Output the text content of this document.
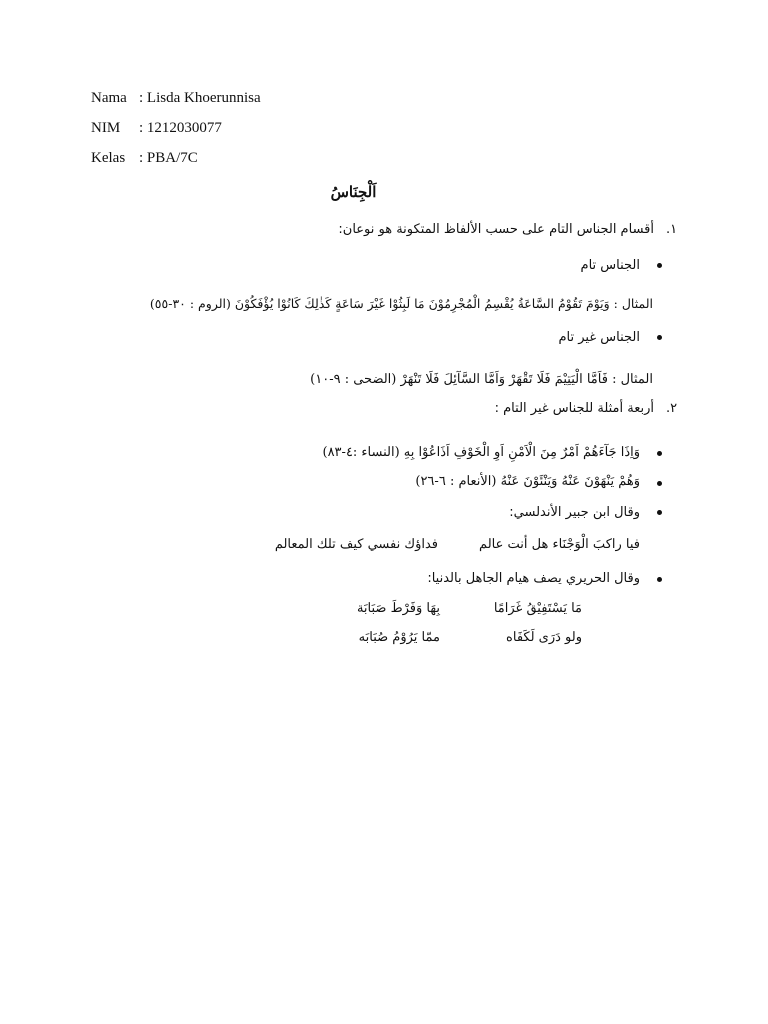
Nama : Lisda Khoerunnisa
NIM : 1212030077
Kelas : PBA/7C
اَلْجِنَاسُ
.١
أقسام الجناس التام على حسب الألفاظ المتكونة هو نوعان:
الجناس تام
المثال : وَيَوْمَ تَقُوْمُ السَّاعَةُ يُقْسِمُ الْمُجْرِمُوْنَ مَا لَبِثُوْا غَيْرَ سَاعَةٍ كَذٰلِكَ كَانُوْا يُؤْفَكُوْنَ (الروم : ٣٠-٥٥)
الجناس غير تام
المثال : فَاَمَّا الْيَتِيْمَ فَلَا تَقْهَرْ وَاَمَّا السَّآئِلَ فَلَا تَنْهَرْ (الضحى : ٩-١٠)
.٢
أربعة أمثلة للجناس غير التام :
وَاِذَا جَآءَهُمْ اَمْرٌ مِنَ الْاَمْنِ اَوِ الْخَوْفِ اَذَاعُوْا بِهِ (النساء :٤-٨٣)
وَهُمْ يَنْهَوْنَ عَنْهُ وَيَنْئَوْنَ عَنْهُ (الأنعام : ٦-٢٦)
وقال ابن جبير الأندلسي:
فيا راكبَ الْوَجْنَاء هل أنت عالم
فداؤك نفسي كيف تلك المعالم
وقال الحريري يصف هيام الجاهل بالدنيا:
مَا يَسْتَفِيْقُ غَرَامًا
بِهَا وَفَرْطَ صَبَابَة
ولو دَرَى لَكَفَاه
ممّا يَرُوْمُ صُبَابَه
